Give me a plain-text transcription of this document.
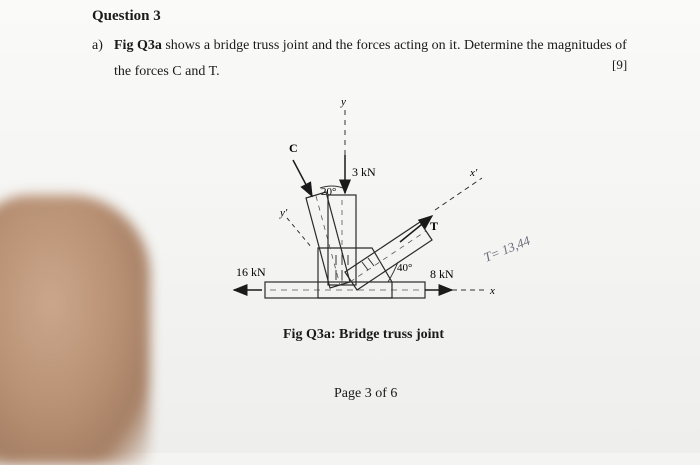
Question 3
a) Fig Q3a shows a bridge truss joint and the forces acting on it. Determine the magnitudes of
the forces C and T.	[9]
y
y'
x'
x
C
3 kN
20°
T
40°
16 kN	8 kN
T= 13,44
Fig Q3a: Bridge truss joint
Page 3 of 6
